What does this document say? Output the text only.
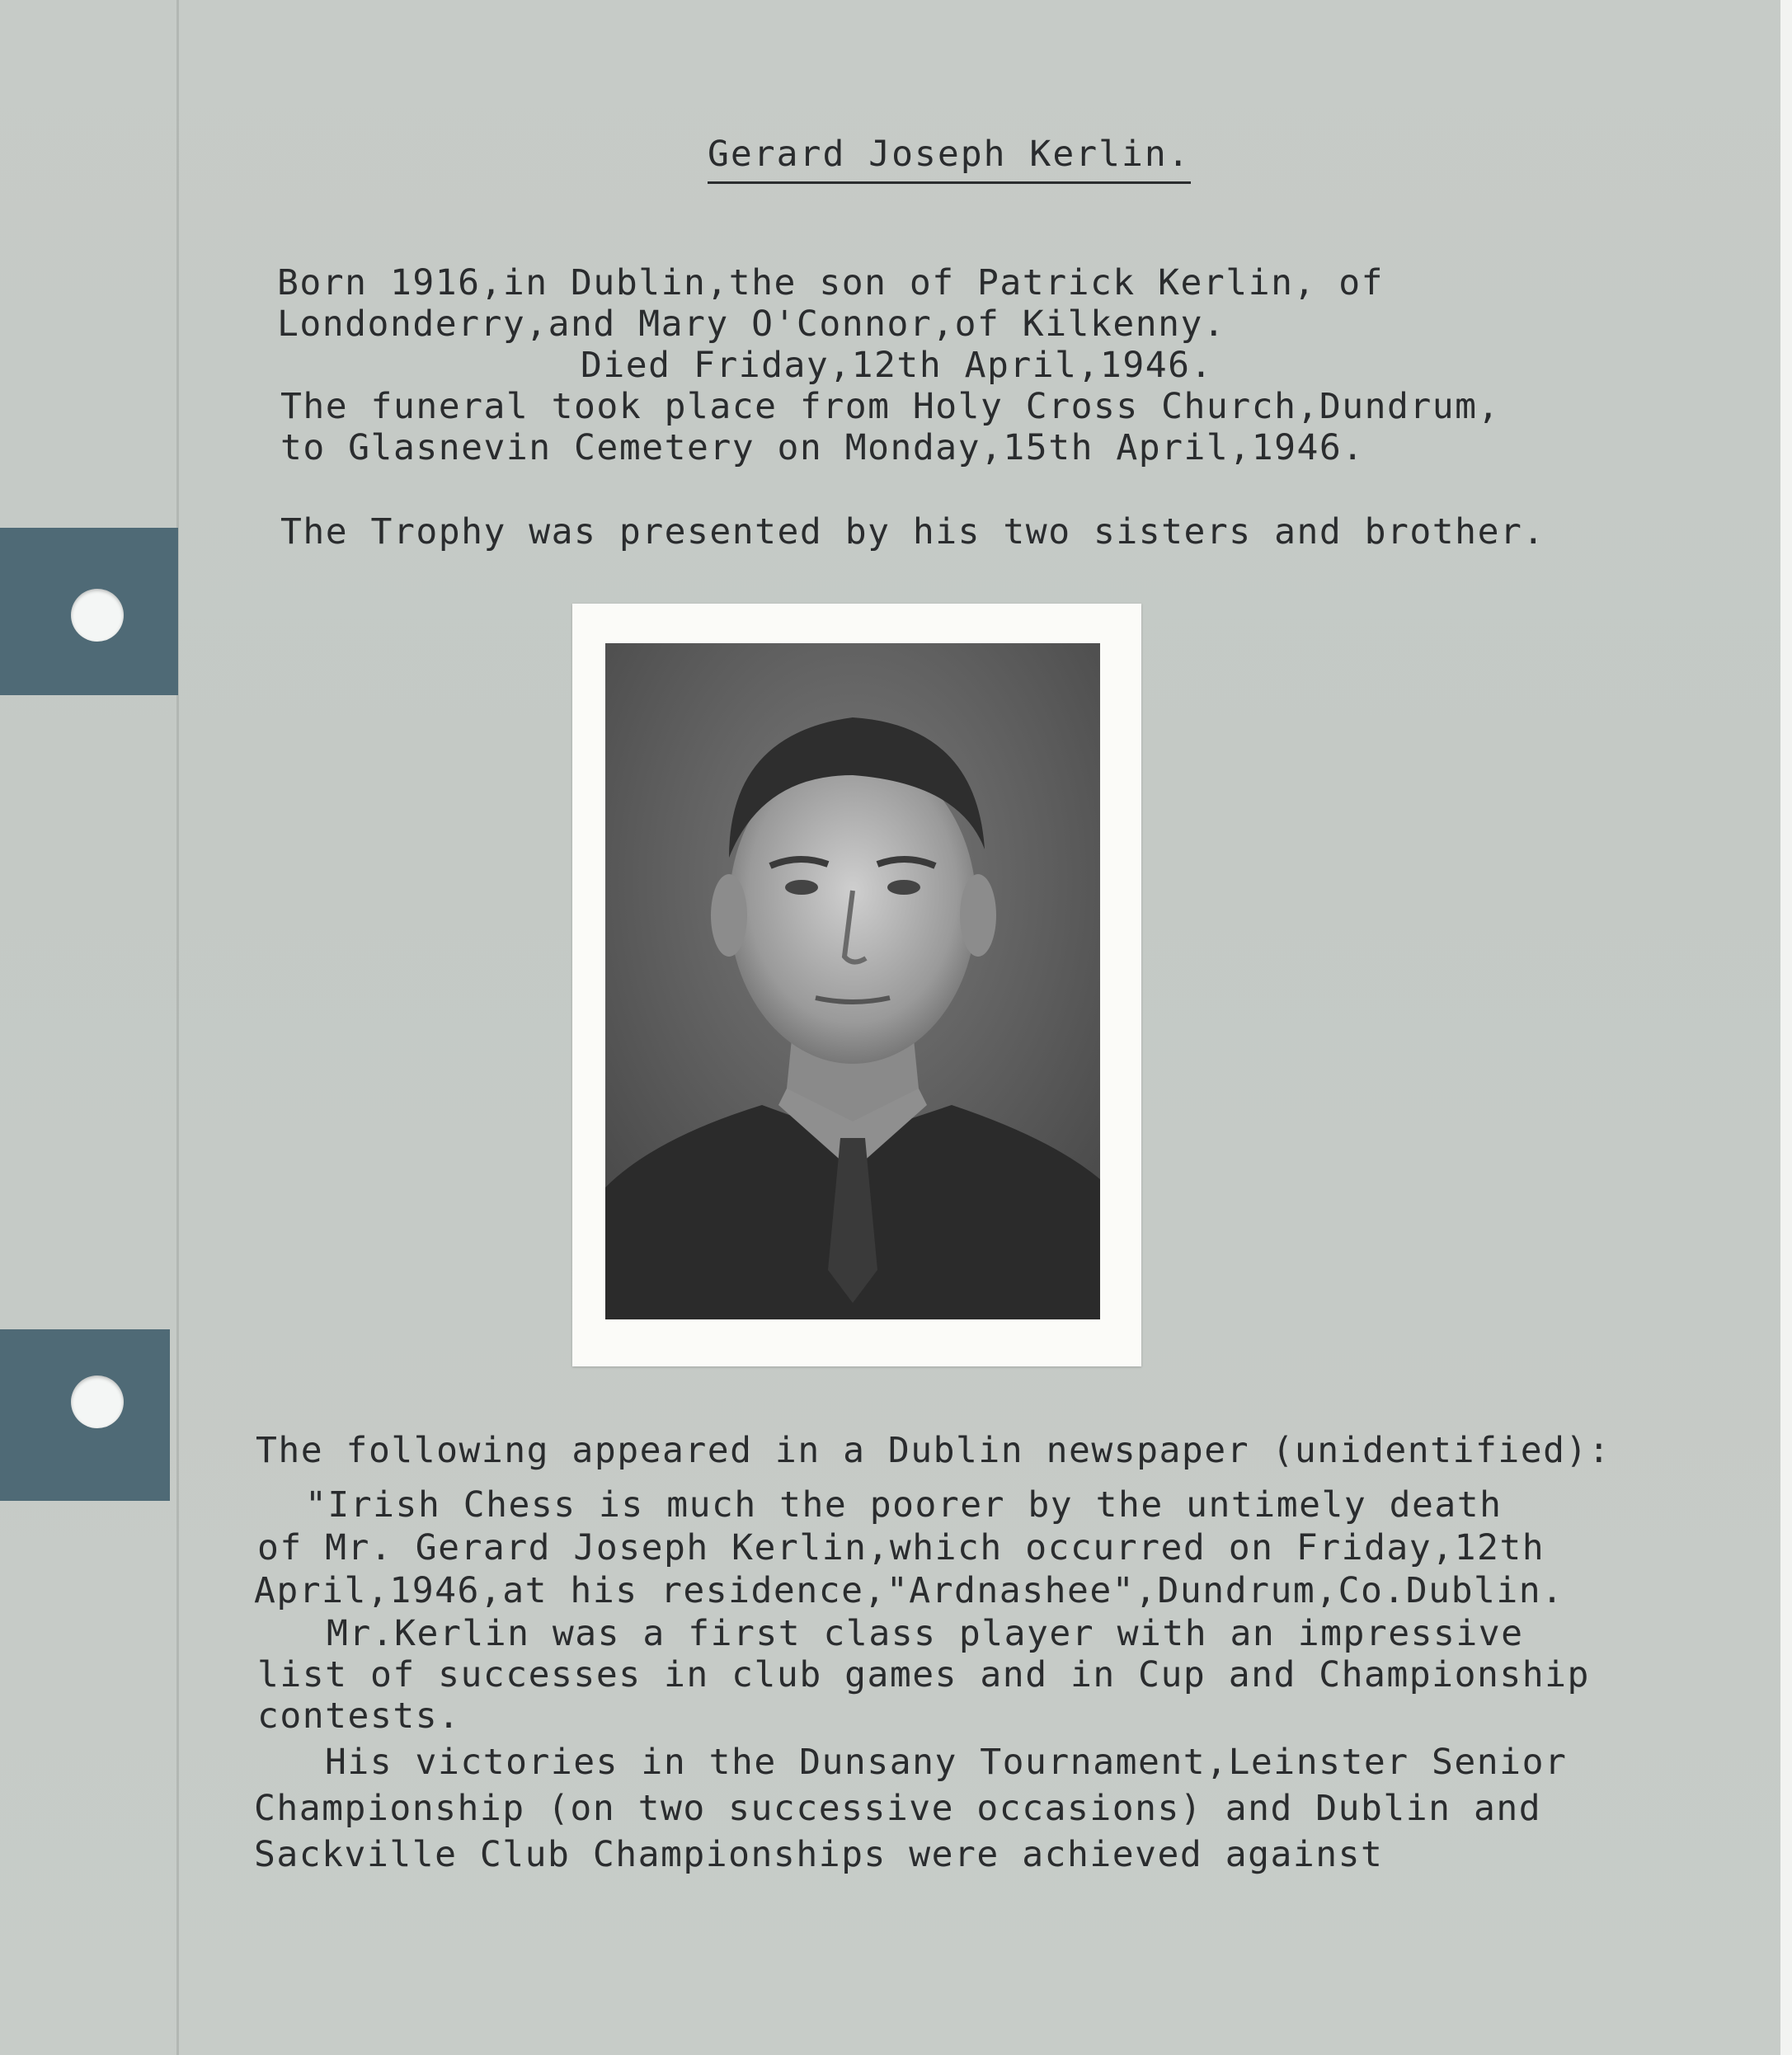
Gerard Joseph Kerlin.
Born 1916,in Dublin,the son of Patrick Kerlin, of
Londonderry,and Mary O'Connor,of Kilkenny.
Died Friday,12th April,1946.
The funeral took place from Holy Cross Church,Dundrum,
to Glasnevin Cemetery on Monday,15th April,1946.
The Trophy was presented by his two sisters and brother.
The following appeared in a Dublin newspaper (unidentified):
"Irish Chess is much the poorer by the untimely death
of Mr. Gerard Joseph Kerlin,which occurred on Friday,12th
April,1946,at his residence,"Ardnashee",Dundrum,Co.Dublin.
Mr.Kerlin was a first class player with an impressive
list of successes in club games and in Cup and Championship
contests.
His victories in the Dunsany Tournament,Leinster Senior
Championship (on two successive occasions) and Dublin and
Sackville Club Championships were achieved against
